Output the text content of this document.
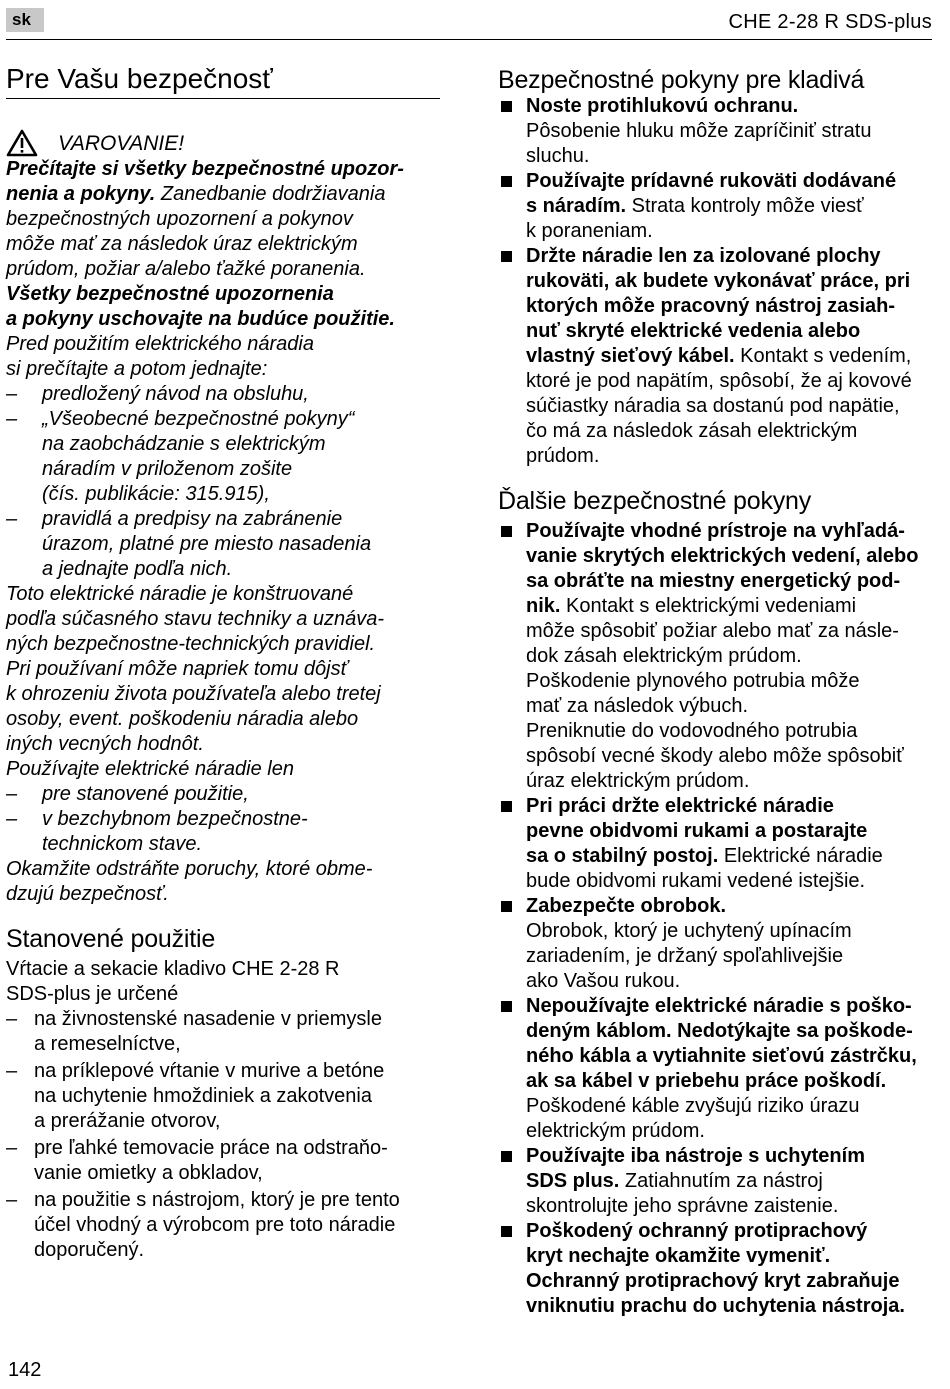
sk	CHE 2-28 R SDS-plus
Pre Vašu bezpečnosť
VAROVANIE!
Prečítajte si všetky bezpečnostné upozor-
nenia a pokyny. Zanedbanie dodržiavania
bezpečnostných upozornení a pokynov
môže mať za následok úraz elektrickým
prúdom, požiar a/alebo ťažké poranenia.
Všetky bezpečnostné upozornenia
a pokyny uschovajte na budúce použitie.
Pred použitím elektrického náradia
si prečítajte a potom jednajte:
– predložený návod na obsluhu,
– „Všeobecné bezpečnostné pokyny“
na zaobchádzanie s elektrickým
náradím v priloženom zošite
(čís. publikácie: 315.915),
– pravidlá a predpisy na zabránenie
úrazom, platné pre miesto nasadenia
a jednajte podľa nich.
Toto elektrické náradie je konštruované
podľa súčasného stavu techniky a uznáva-
ných bezpečnostne-technických pravidiel.
Pri používaní môže napriek tomu dôjsť
k ohrozeniu života používateľa alebo tretej
osoby, event. poškodeniu náradia alebo
iných vecných hodnôt.
Používajte elektrické náradie len
– pre stanovené použitie,
– v bezchybnom bezpečnostne-
technickom stave.
Okamžite odstráňte poruchy, ktoré obme-
dzujú bezpečnosť.
Stanovené použitie
Vŕtacie a sekacie kladivo CHE 2-28 R
SDS-plus je určené
– na živnostenské nasadenie v priemysle
a remeselníctve,
– na príklepové vŕtanie v murive a betóne
na uchytenie hmoždiniek a zakotvenia
a prerážanie otvorov,
– pre ľahké temovacie práce na odstraňo-
vanie omietky a obkladov,
– na použitie s nástrojom, ktorý je pre tento
účel vhodný a výrobcom pre toto náradie
doporučený.
Bezpečnostné pokyny pre kladivá
Noste protihlukovú ochranu.
Pôsobenie hluku môže zapríčiniť stratu
sluchu.
Používajte prídavné rukoväti dodávané
s náradím. Strata kontroly môže viesť
k poraneniam.
Držte náradie len za izolované plochy
rukoväti, ak budete vykonávať práce, pri
ktorých môže pracovný nástroj zasiah-
nuť skryté elektrické vedenia alebo
vlastný sieťový kábel. Kontakt s vedením,
ktoré je pod napätím, spôsobí, že aj kovové
súčiastky náradia sa dostanú pod napätie,
čo má za následok zásah elektrickým
prúdom.
Ďalšie bezpečnostné pokyny
Používajte vhodné prístroje na vyhľadá-
vanie skrytých elektrických vedení, alebo
sa obráťte na miestny energetický pod-
nik. Kontakt s elektrickými vedeniami
môže spôsobiť požiar alebo mať za násle-
dok zásah elektrickým prúdom.
Poškodenie plynového potrubia môže
mať za následok výbuch.
Preniknutie do vodovodného potrubia
spôsobí vecné škody alebo môže spôsobiť
úraz elektrickým prúdom.
Pri práci držte elektrické náradie
pevne obidvomi rukami a postarajte
sa o stabilný postoj. Elektrické náradie
bude obidvomi rukami vedené istejšie.
Zabezpečte obrobok.
Obrobok, ktorý je uchytený upínacím
zariadením, je držaný spoľahlivejšie
ako Vašou rukou.
Nepoužívajte elektrické náradie s poško-
deným káblom. Nedotýkajte sa poškode-
ného kábla a vytiahnite sieťovú zástrčku,
ak sa kábel v priebehu práce poškodí.
Poškodené káble zvyšujú riziko úrazu
elektrickým prúdom.
Používajte iba nástroje s uchytením
SDS plus. Zatiahnutím za nástroj
skontrolujte jeho správne zaistenie.
Poškodený ochranný protiprachový
kryt nechajte okamžite vymeniť.
Ochranný protiprachový kryt zabraňuje
vniknutiu prachu do uchytenia nástroja.
142
